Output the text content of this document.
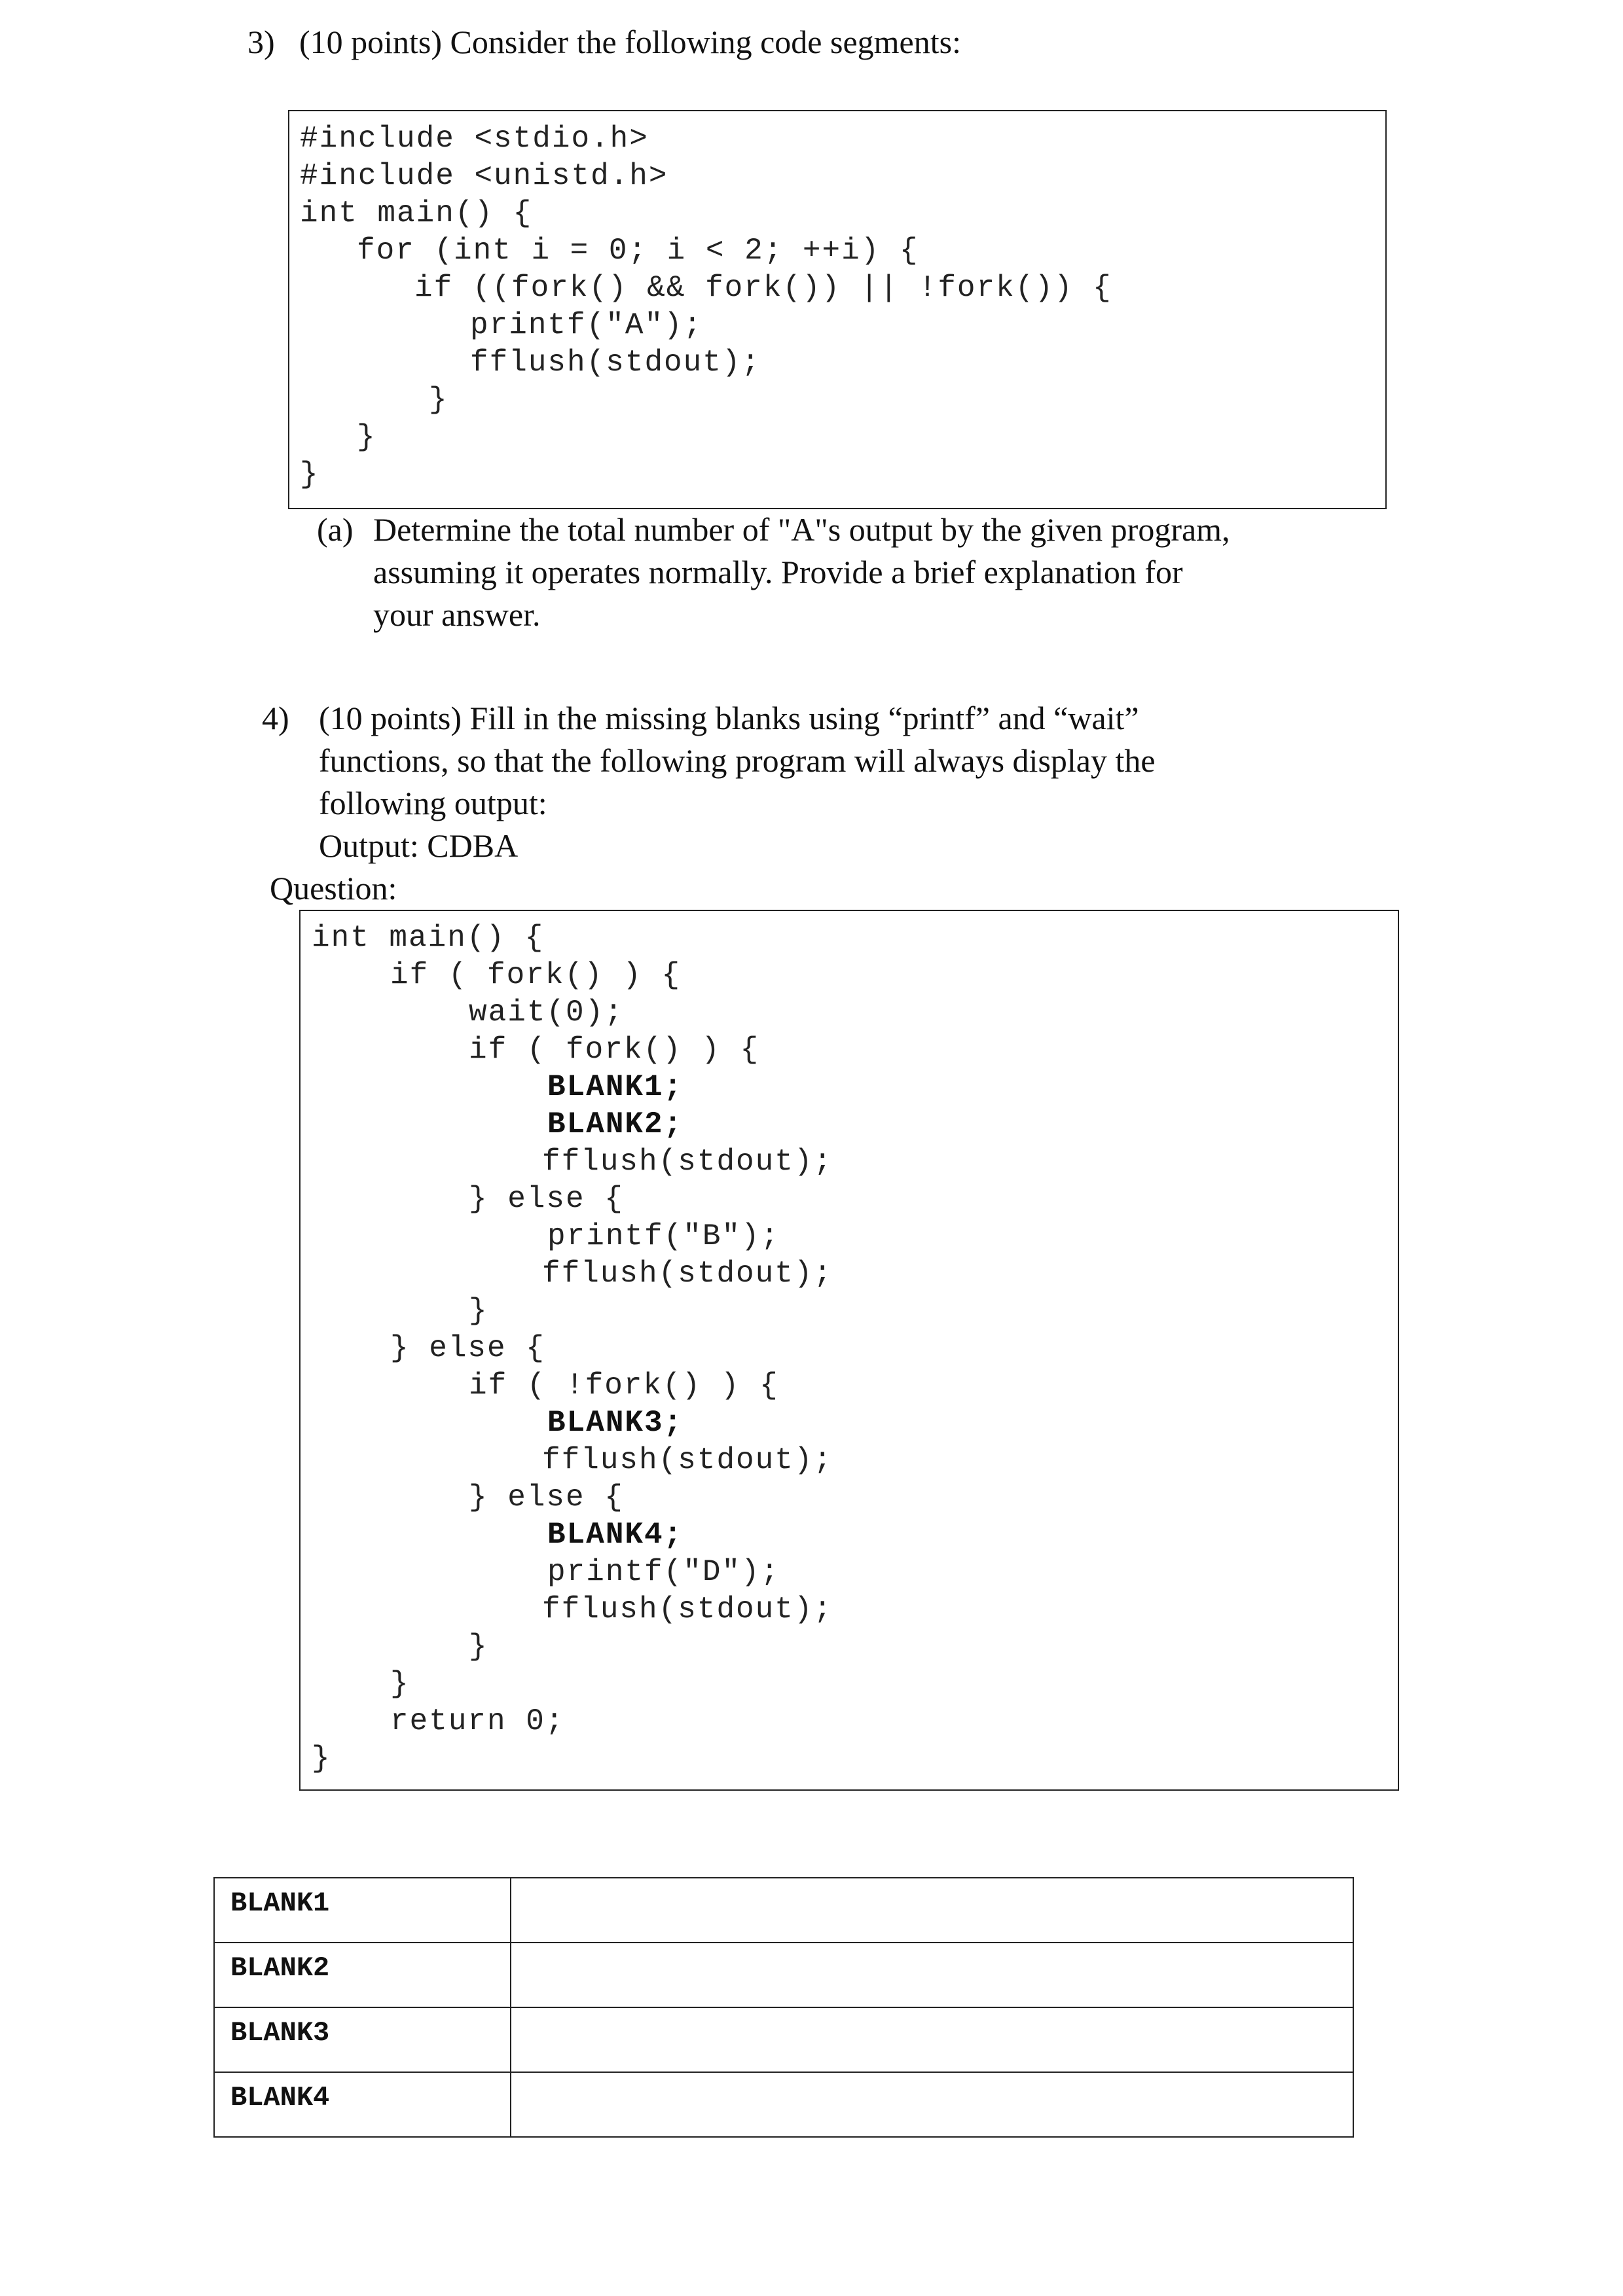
3) (10 points) Consider the following code segments:
#include <stdio.h>
#include <unistd.h>
int main() {
for (int i = 0; i < 2; ++i) {
if ((fork() && fork()) || !fork()) {
printf("A");
fflush(stdout);
}
}
}
(a) Determine the total number of "A"s output by the given program,
assuming it operates normally. Provide a brief explanation for
your answer.
4) (10 points) Fill in the missing blanks using “printf” and “wait”
functions, so that the following program will always display the
following output:
Output: CDBA
Question:
int main() {
if ( fork() ) {
wait(0);
if ( fork() ) {
BLANK1;
BLANK2;
fflush(stdout);
} else {
printf("B");
fflush(stdout);
}
} else {
if ( !fork() ) {
BLANK3;
fflush(stdout);
} else {
BLANK4;
printf("D");
fflush(stdout);
}
}
return 0;
}
BLANK1	
BLANK2	
BLANK3	
BLANK4	
